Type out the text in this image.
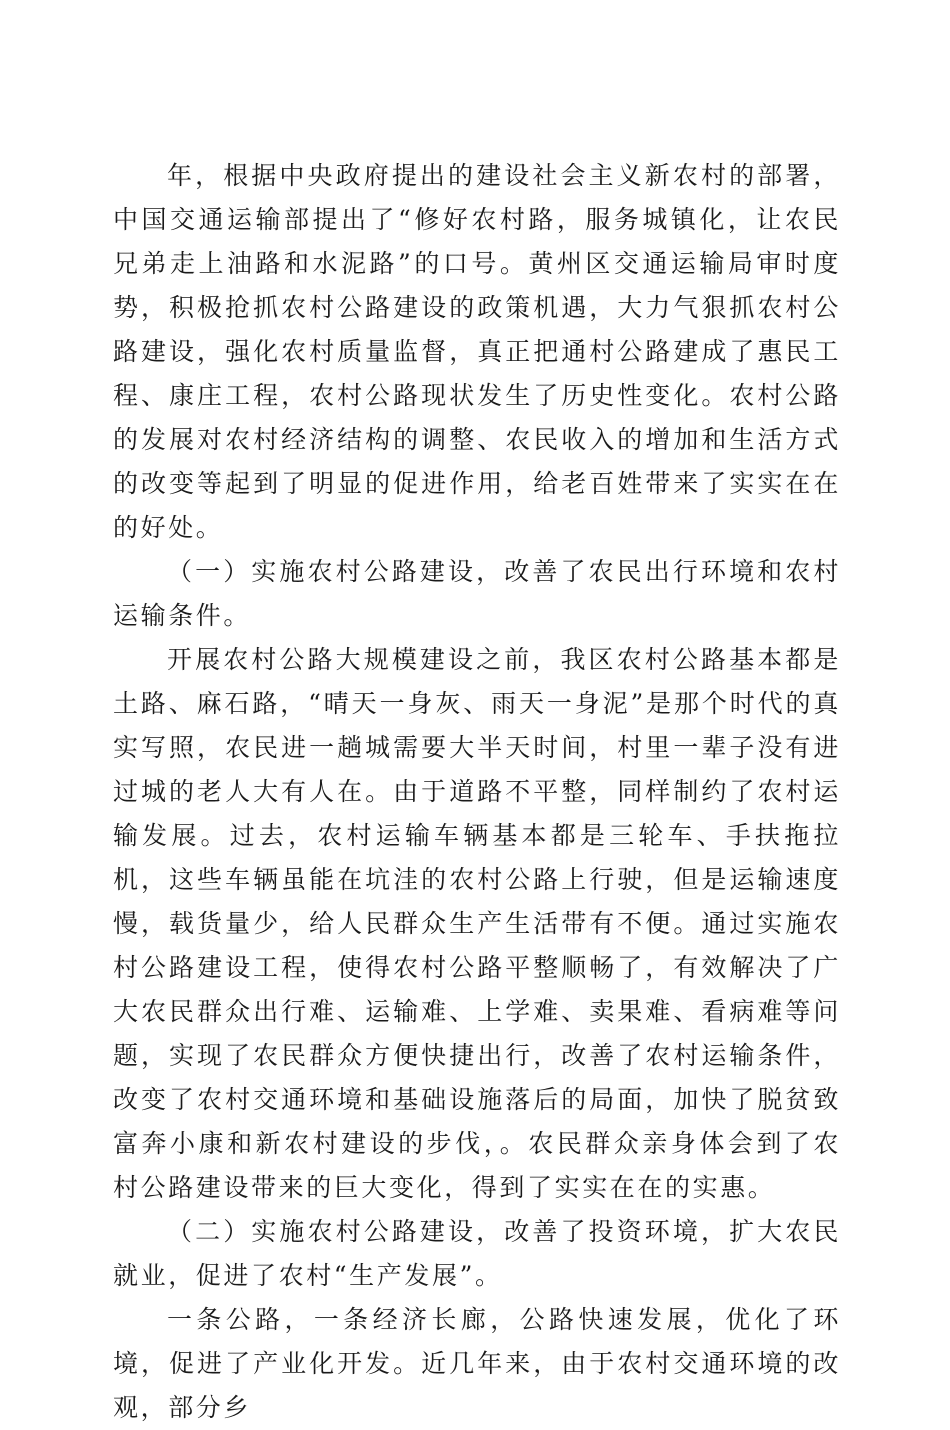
年，根据中央政府提出的建设社会主义新农村的部署，中国交通运输部提出了“修好农村路，服务城镇化，让农民兄弟走上油路和水泥路”的口号。黄州区交通运输局审时度势，积极抢抓农村公路建设的政策机遇，大力气狠抓农村公路建设，强化农村质量监督，真正把通村公路建成了惠民工程、康庄工程，农村公路现状发生了历史性变化。农村公路的发展对农村经济结构的调整、农民收入的增加和生活方式的改变等起到了明显的促进作用，给老百姓带来了实实在在的好处。

（一）实施农村公路建设，改善了农民出行环境和农村运输条件。

开展农村公路大规模建设之前，我区农村公路基本都是土路、麻石路，“晴天一身灰、雨天一身泥”是那个时代的真实写照，农民进一趟城需要大半天时间，村里一辈子没有进过城的老人大有人在。由于道路不平整，同样制约了农村运输发展。过去，农村运输车辆基本都是三轮车、手扶拖拉机，这些车辆虽能在坑洼的农村公路上行驶，但是运输速度慢，载货量少，给人民群众生产生活带有不便。通过实施农村公路建设工程，使得农村公路平整顺畅了，有效解决了广大农民群众出行难、运输难、上学难、卖果难、看病难等问题，实现了农民群众方便快捷出行，改善了农村运输条件，改变了农村交通环境和基础设施落后的局面，加快了脱贫致富奔小康和新农村建设的步伐，。农民群众亲身体会到了农村公路建设带来的巨大变化，得到了实实在在的实惠。

（二）实施农村公路建设，改善了投资环境，扩大农民就业，促进了农村“生产发展”。

一条公路，一条经济长廊，公路快速发展，优化了环境，促进了产业化开发。近几年来，由于农村交通环境的改观，部分乡
